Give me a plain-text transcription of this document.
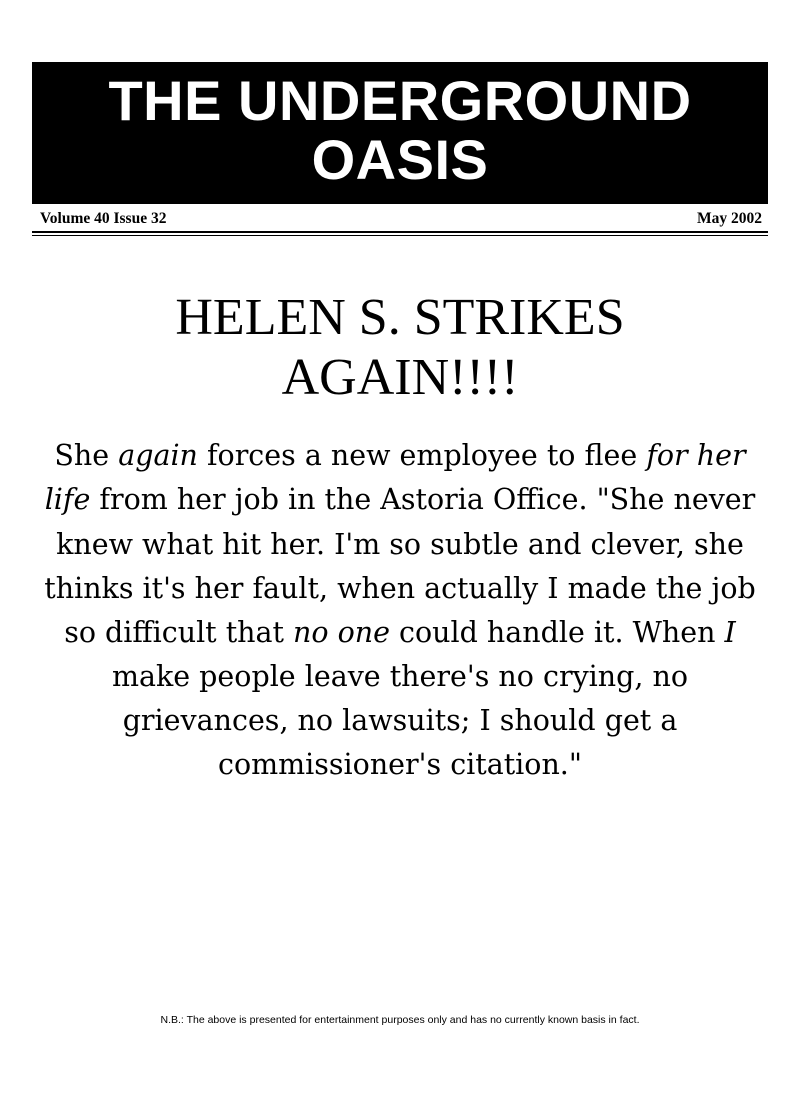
THE UNDERGROUND OASIS
Volume 40 Issue 32	May 2002
HELEN S. STRIKES AGAIN!!!!

She again forces a new employee to flee for her life from her job in the Astoria Office. "She never knew what hit her. I'm so subtle and clever, she thinks it's her fault, when actually I made the job so difficult that no one could handle it. When I make people leave there's no crying, no grievances, no lawsuits; I should get a commissioner's citation."

N.B.: The above is presented for entertainment purposes only and has no currently known basis in fact.
